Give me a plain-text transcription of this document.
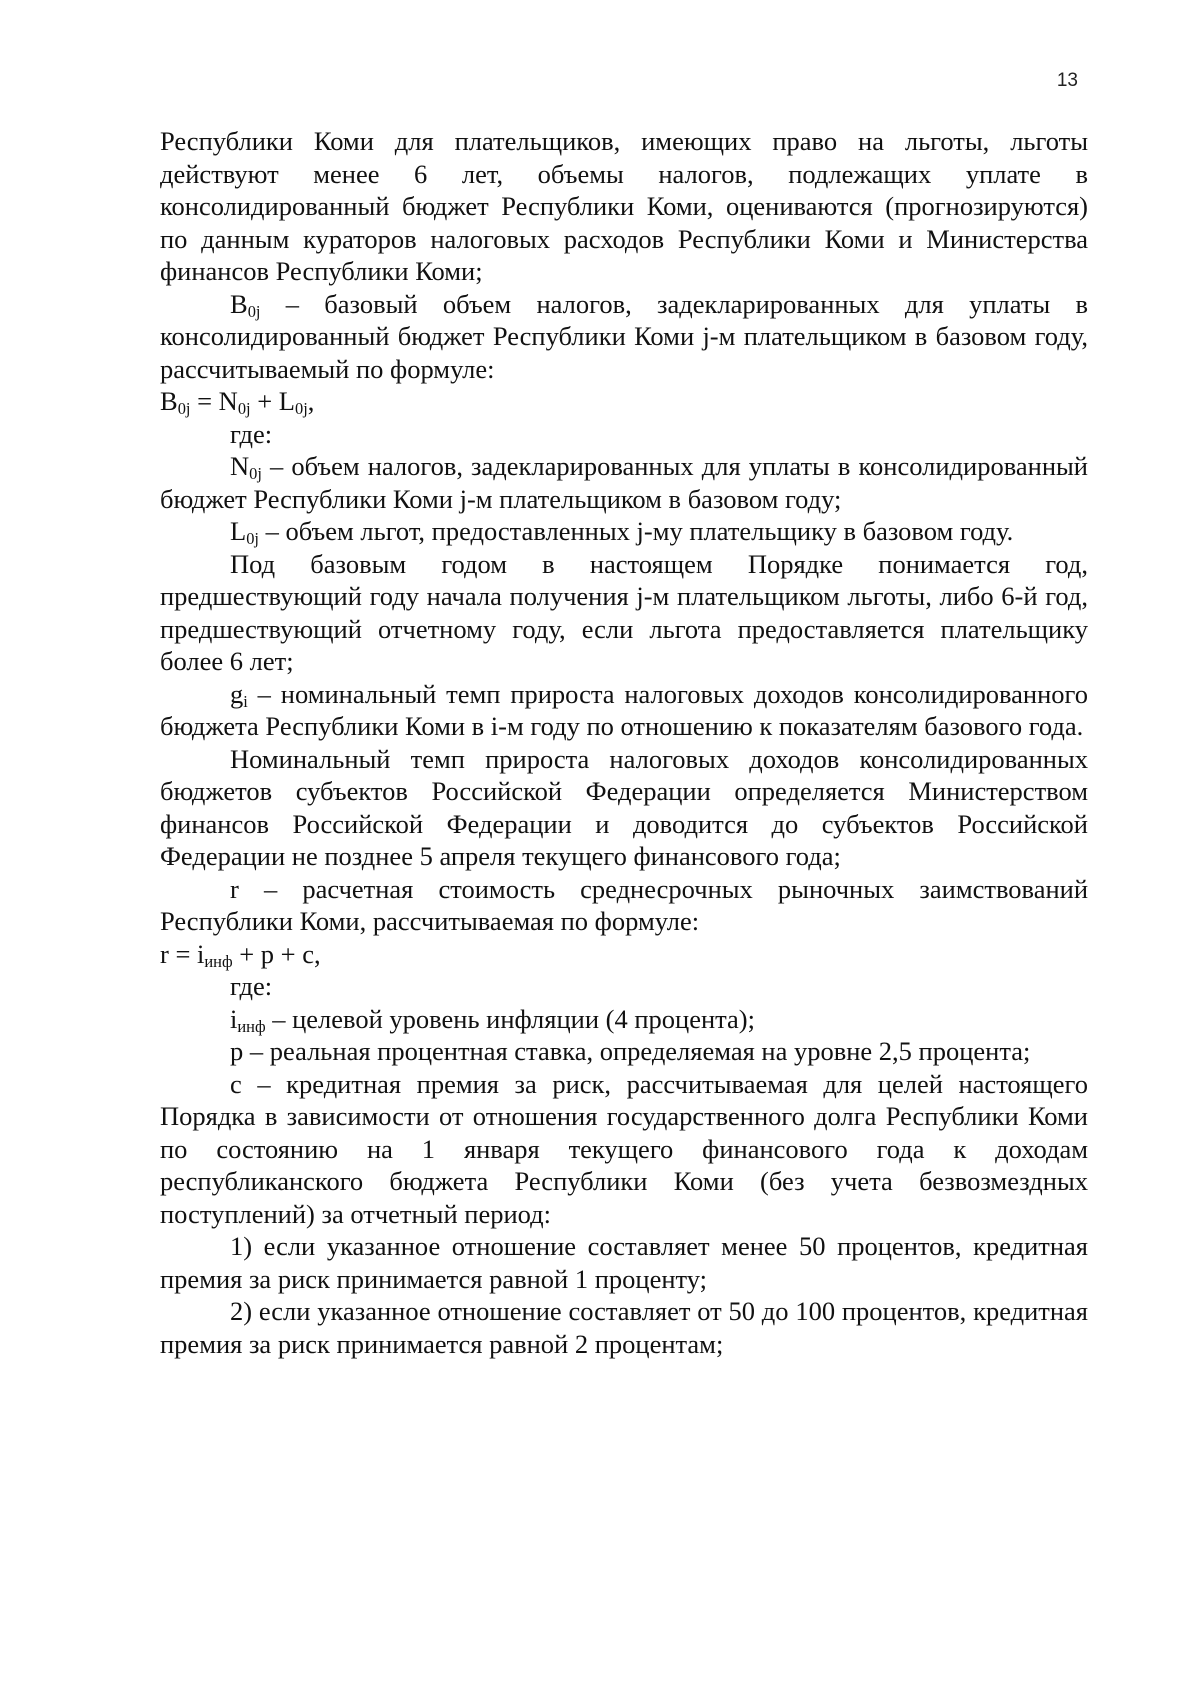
13

Республики Коми для плательщиков, имеющих право на льготы, льготы действуют менее 6 лет, объемы налогов, подлежащих уплате в консолидированный бюджет Республики Коми, оцениваются (прогнозируются) по данным кураторов налоговых расходов Республики Коми и Министерства финансов Республики Коми;

$B_{0j}$ – базовый объем налогов, задекларированных для уплаты в консолидированный бюджет Республики Коми j-м плательщиком в базовом году, рассчитываемый по формуле:

$B_{0j} = N_{0j} + L_{0j}$,

где:

$N_{0j}$ – объем налогов, задекларированных для уплаты в консолидированный бюджет Республики Коми j-м плательщиком в базовом году;

$L_{0j}$ – объем льгот, предоставленных j-му плательщику в базовом году.

Под базовым годом в настоящем Порядке понимается год, предшествующий году начала получения j-м плательщиком льготы, либо 6-й год, предшествующий отчетному году, если льгота предоставляется плательщику более 6 лет;

$g_i$ – номинальный темп прироста налоговых доходов консолидированного бюджета Республики Коми в i-м году по отношению к показателям базового года.

Номинальный темп прироста налоговых доходов консолидированных бюджетов субъектов Российской Федерации определяется Министерством финансов Российской Федерации и доводится до субъектов Российской Федерации не позднее 5 апреля текущего финансового года;

r – расчетная стоимость среднесрочных рыночных заимствований Республики Коми, рассчитываемая по формуле:

$r = i_{инф} + p + c$,

где:

$i_{инф}$ – целевой уровень инфляции (4 процента);

p – реальная процентная ставка, определяемая на уровне 2,5 процента;

c – кредитная премия за риск, рассчитываемая для целей настоящего Порядка в зависимости от отношения государственного долга Республики Коми по состоянию на 1 января текущего финансового года к доходам республиканского бюджета Республики Коми (без учета безвозмездных поступлений) за отчетный период:

1) если указанное отношение составляет менее 50 процентов, кредитная премия за риск принимается равной 1 проценту;

2) если указанное отношение составляет от 50 до 100 процентов, кредитная премия за риск принимается равной 2 процентам;
